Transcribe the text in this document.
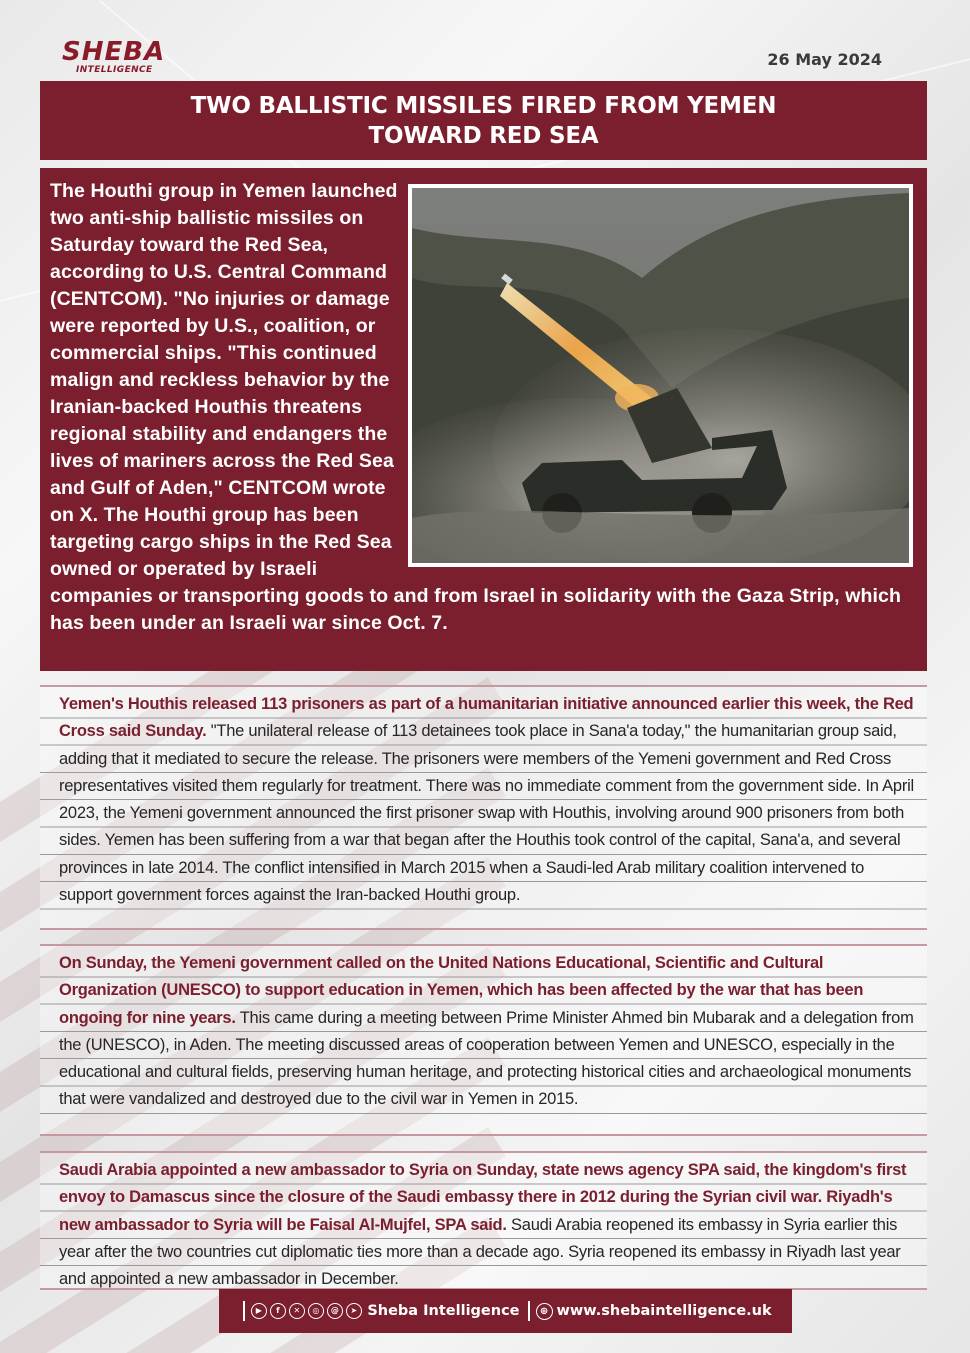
SHEBA
INTELLIGENCE
26 May 2024
TWO BALLISTIC MISSILES FIRED FROM YEMEN TOWARD RED SEA
The Houthi group in Yemen launched two anti-ship ballistic missiles on Saturday toward the Red Sea, according to U.S. Central Command (CENTCOM). "No injuries or damage were reported by U.S., coalition, or commercial ships. "This continued malign and reckless behavior by the Iranian-backed Houthis threatens regional stability and endangers the lives of mariners across the Red Sea and Gulf of Aden," CENTCOM wrote on X. The Houthi group has been targeting cargo ships in the Red Sea owned or operated by Israeli companies or transporting goods to and from Israel in solidarity with the Gaza Strip, which has been under an Israeli war since Oct. 7.
Yemen's Houthis released 113 prisoners as part of a humanitarian initiative announced earlier this week, the Red Cross said Sunday. "The unilateral release of 113 detainees took place in Sana'a today," the humanitarian group said, adding that it mediated to secure the release. The prisoners were members of the Yemeni government and Red Cross representatives visited them regularly for treatment. There was no immediate comment from the government side. In April 2023, the Yemeni government announced the first prisoner swap with Houthis, involving around 900 prisoners from both sides. Yemen has been suffering from a war that began after the Houthis took control of the capital, Sana'a, and several provinces in late 2014. The conflict intensified in March 2015 when a Saudi-led Arab military coalition intervened to support government forces against the Iran-backed Houthi group.
On Sunday, the Yemeni government called on the United Nations Educational, Scientific and Cultural Organization (UNESCO) to support education in Yemen, which has been affected by the war that has been ongoing for nine years. This came during a meeting between Prime Minister Ahmed bin Mubarak and a delegation from the (UNESCO), in Aden. The meeting discussed areas of cooperation between Yemen and UNESCO, especially in the educational and cultural fields, preserving human heritage, and protecting historical cities and archaeological monuments that were vandalized and destroyed due to the civil war in Yemen in 2015.
Saudi Arabia appointed a new ambassador to Syria on Sunday, state news agency SPA said, the kingdom's first envoy to Damascus since the closure of the Saudi embassy there in 2012 during the Syrian civil war. Riyadh's new ambassador to Syria will be Faisal Al-Mujfel, SPA said. Saudi Arabia reopened its embassy in Syria earlier this year after the two countries cut diplomatic ties more than a decade ago. Syria reopened its embassy in Riyadh last year and appointed a new ambassador in December.
▶	f	✕	◎	@	➤ Sheba Intelligence	⊕ www.shebaintelligence.uk
